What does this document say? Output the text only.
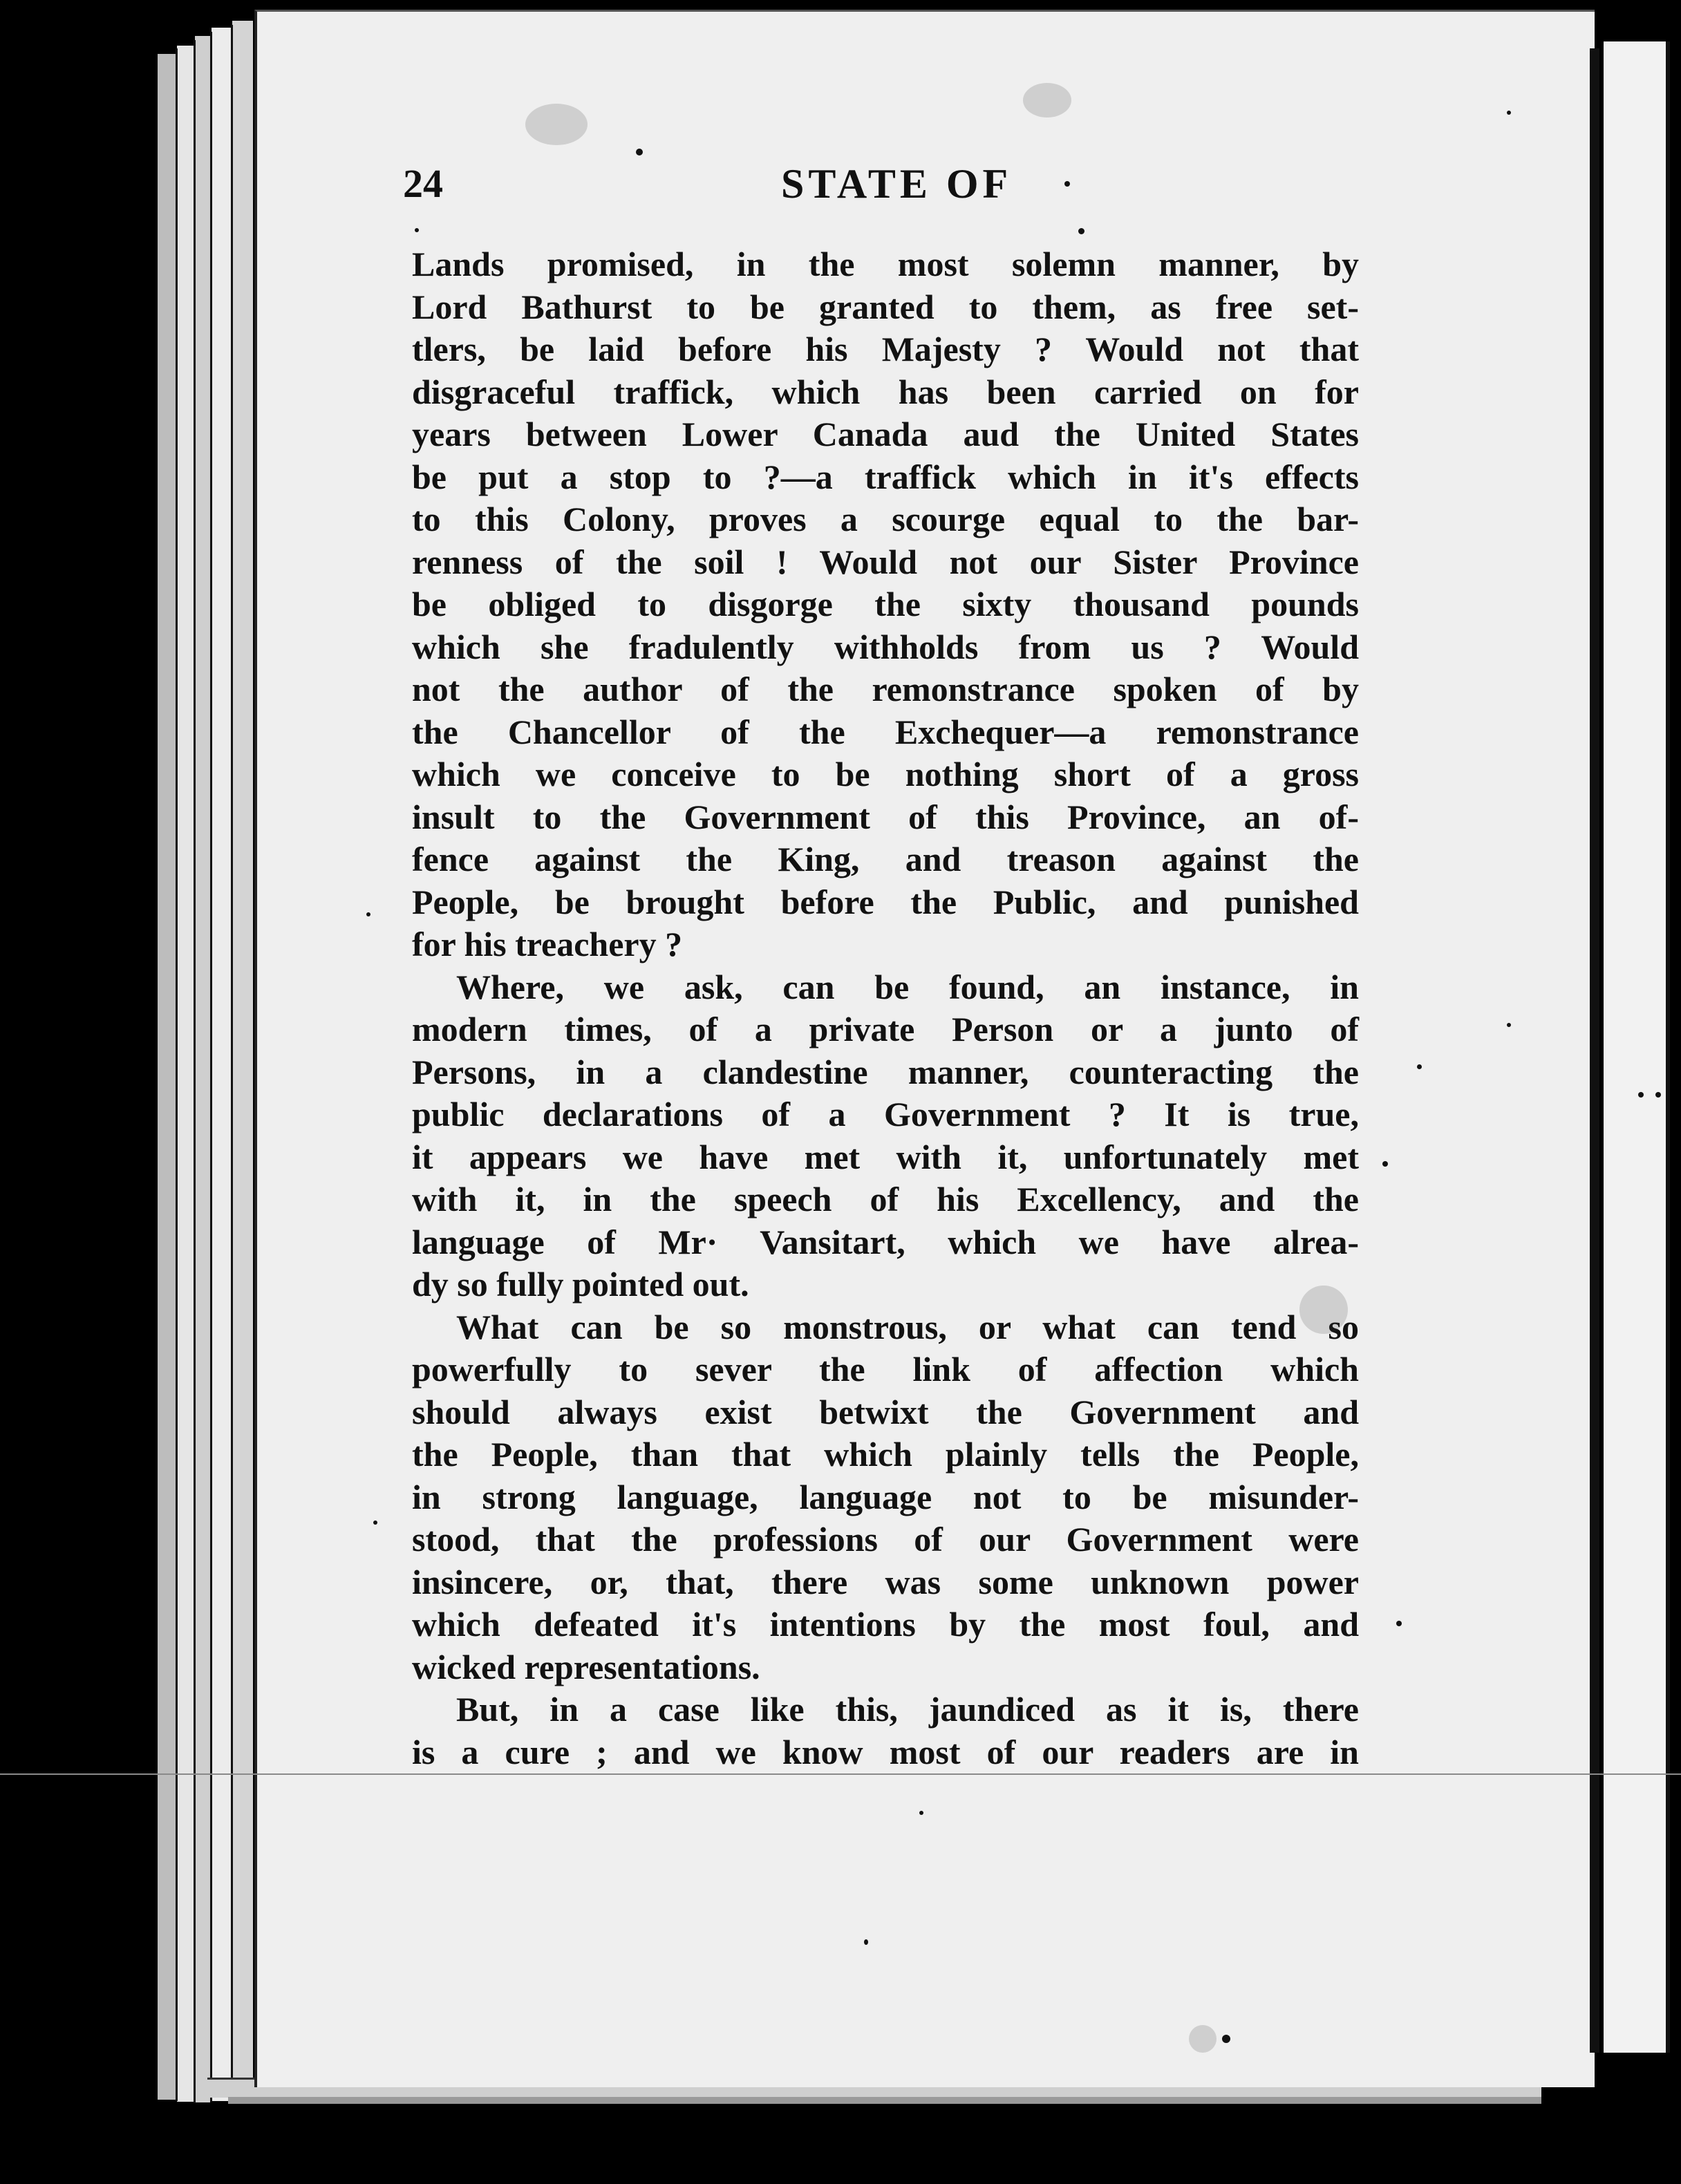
24	STATE OF
Lands promised, in the most solemn manner, by
Lord Bathurst to be granted to them, as free set-
tlers, be laid before his Majesty ? Would not that
disgraceful traffick, which has been carried on for
years between Lower Canada aud the United States
be put a stop to ?—a traffick which in it's effects
to this Colony, proves a scourge equal to the bar-
renness of the soil ! Would not our Sister Province
be obliged to disgorge the sixty thousand pounds
which she fradulently withholds from us ? Would
not the author of the remonstrance spoken of by
the Chancellor of the Exchequer—a remonstrance
which we conceive to be nothing short of a gross
insult to the Government of this Province, an of-
fence against the King, and treason against the
People, be brought before the Public, and punished
for his treachery ?
Where, we ask, can be found, an instance, in
modern times, of a private Person or a junto of
Persons, in a clandestine manner, counteracting the
public declarations of a Government ? It is true,
it appears we have met with it, unfortunately met
with it, in the speech of his Excellency, and the
language of Mr· Vansitart, which we have alrea-
dy so fully pointed out.
What can be so monstrous, or what can tend so
powerfully to sever the link of affection which
should always exist betwixt the Government and
the People, than that which plainly tells the People,
in strong language, language not to be misunder-
stood, that the professions of our Government were
insincere, or, that, there was some unknown power
which defeated it's intentions by the most foul, and
wicked representations.
But, in a case like this, jaundiced as it is, there
is a cure ; and we know most of our readers are in
